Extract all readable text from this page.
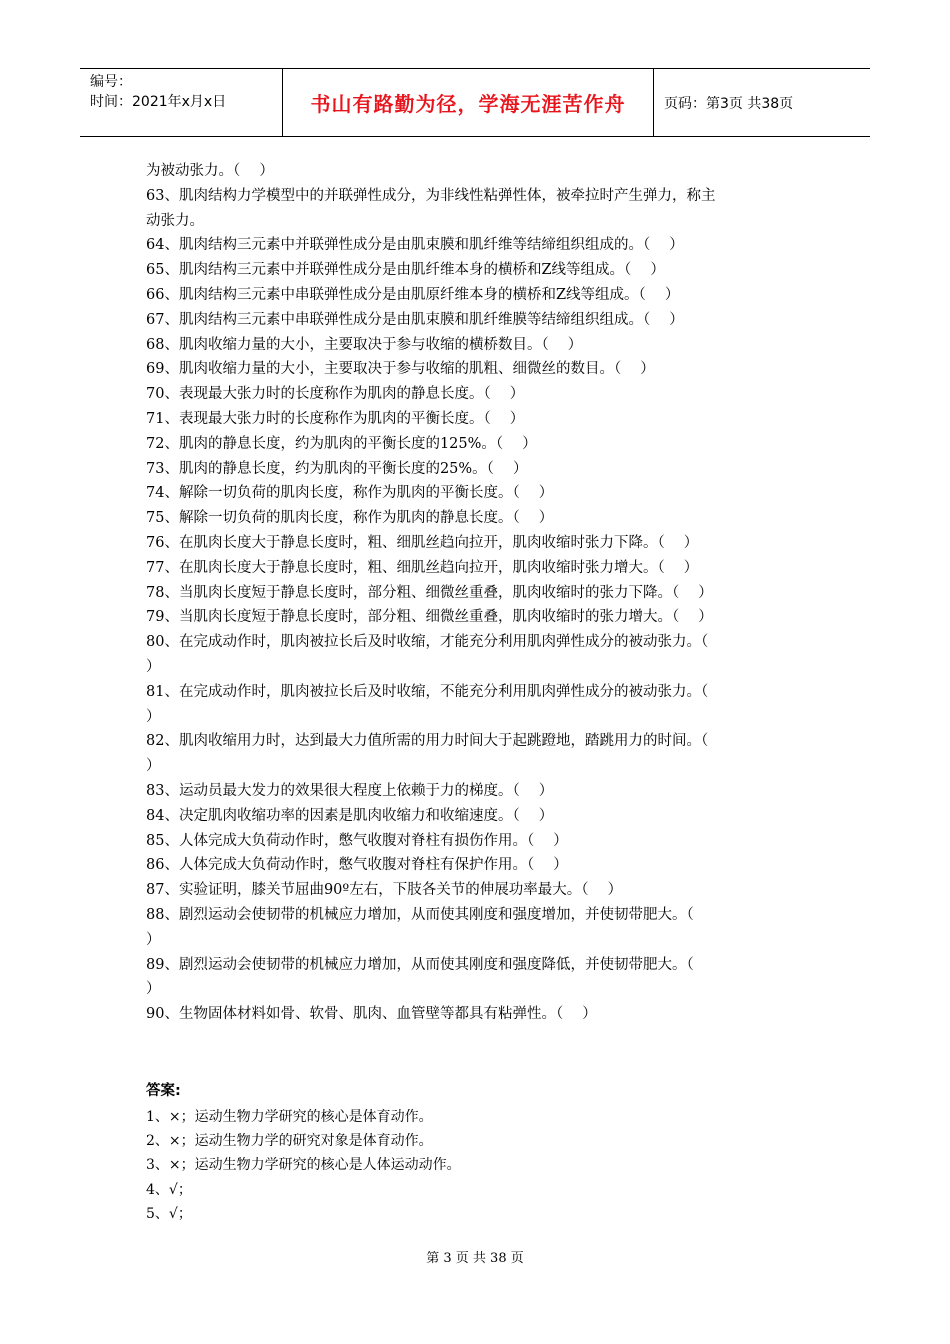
编号：
时间：2021年x月x日	书山有路勤为径，学海无涯苦作舟	页码：第3页 共38页
为被动张力。（　 ）
63、肌肉结构力学模型中的并联弹性成分，为非线性粘弹性体，被牵拉时产生弹力，称主
动张力。
64、肌肉结构三元素中并联弹性成分是由肌束膜和肌纤维等结缔组织组成的。（　 ）
65、肌肉结构三元素中并联弹性成分是由肌纤维本身的横桥和Z线等组成。（　 ）
66、肌肉结构三元素中串联弹性成分是由肌原纤维本身的横桥和Z线等组成。（　 ）
67、肌肉结构三元素中串联弹性成分是由肌束膜和肌纤维膜等结缔组织组成。（　 ）
68、肌肉收缩力量的大小，主要取决于参与收缩的横桥数目。（　 ）
69、肌肉收缩力量的大小，主要取决于参与收缩的肌粗、细微丝的数目。（　 ）
70、表现最大张力时的长度称作为肌肉的静息长度。（　 ）
71、表现最大张力时的长度称作为肌肉的平衡长度。（　 ）
72、肌肉的静息长度，约为肌肉的平衡长度的125%。（　 ）
73、肌肉的静息长度，约为肌肉的平衡长度的25%。（　 ）
74、解除一切负荷的肌肉长度，称作为肌肉的平衡长度。（　 ）
75、解除一切负荷的肌肉长度，称作为肌肉的静息长度。（　 ）
76、在肌肉长度大于静息长度时，粗、细肌丝趋向拉开，肌肉收缩时张力下降。（　 ）
77、在肌肉长度大于静息长度时，粗、细肌丝趋向拉开，肌肉收缩时张力增大。（　 ）
78、当肌肉长度短于静息长度时，部分粗、细微丝重叠，肌肉收缩时的张力下降。（　 ）
79、当肌肉长度短于静息长度时，部分粗、细微丝重叠，肌肉收缩时的张力增大。（　 ）
80、在完成动作时，肌肉被拉长后及时收缩，才能充分利用肌肉弹性成分的被动张力。（
）
81、在完成动作时，肌肉被拉长后及时收缩，不能充分利用肌肉弹性成分的被动张力。（
）
82、肌肉收缩用力时，达到最大力值所需的用力时间大于起跳蹬地，踏跳用力的时间。（
）
83、运动员最大发力的效果很大程度上依赖于力的梯度。（　 ）
84、决定肌肉收缩功率的因素是肌肉收缩力和收缩速度。（　 ）
85、人体完成大负荷动作时，憋气收腹对脊柱有损伤作用。（　 ）
86、人体完成大负荷动作时，憋气收腹对脊柱有保护作用。（　 ）
87、实验证明，膝关节屈曲90º左右，下肢各关节的伸展功率最大。（　 ）
88、剧烈运动会使韧带的机械应力增加，从而使其刚度和强度增加，并使韧带肥大。（
）
89、剧烈运动会使韧带的机械应力增加，从而使其刚度和强度降低，并使韧带肥大。（
）
90、生物固体材料如骨、软骨、肌肉、血管壁等都具有粘弹性。（　 ）
答案:
1、×；运动生物力学研究的核心是体育动作。
2、×；运动生物力学的研究对象是体育动作。
3、×；运动生物力学研究的核心是人体运动动作。
4、√；
5、√；
第 3 页 共 38 页
